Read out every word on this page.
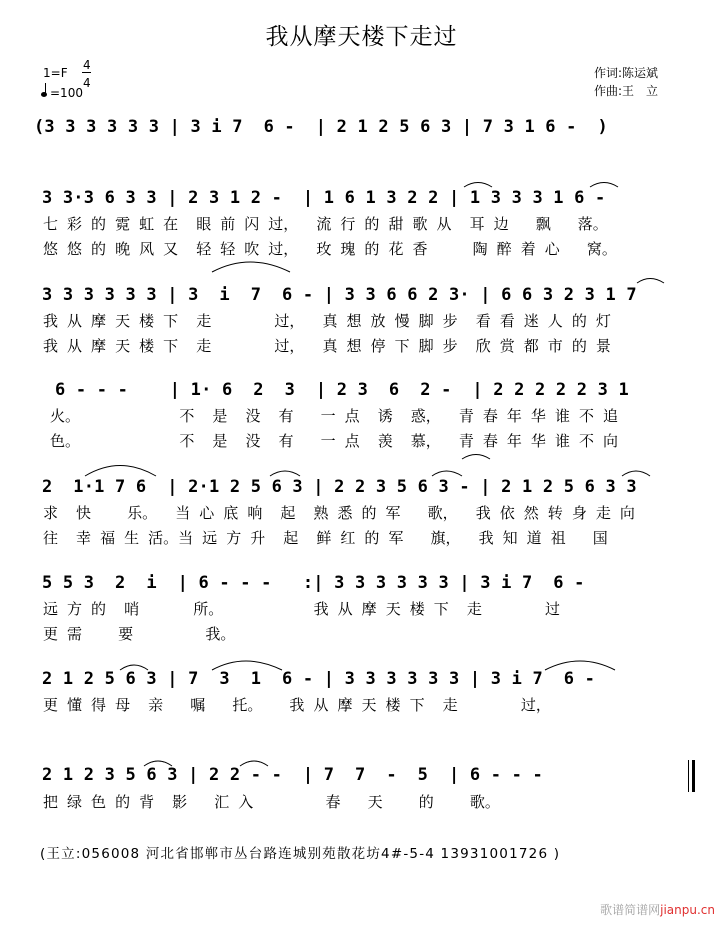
我从摩天楼下走过
1=F
4
4
=100
作词:陈运斌
作曲:王　立
(3 3 3 3 3 3 | 3 i 7  6 -  | 2 1 2 5 6 3 | 7 3 1 6 -  )
3 3·3 6 3 3 | 2 3 1 2 -  | 1 6 1 3 2 2 | 1 3 3 3 1 6 -
七 彩 的 霓 虹 在  眼 前 闪 过，  流 行 的 甜 歌 从  耳 边   飘   落。
悠 悠 的 晚 风 又  轻 轻 吹 过，  玫 瑰 的 花 香     陶 醉 着 心   窝。
3 3 3 3 3 3 | 3  i  7  6 - | 3 3 6 6 2 3· | 6 6 3 2 3 1 7
我 从 摩 天 楼 下  走       过，  真 想 放 慢 脚 步  看 看 迷 人 的 灯
我 从 摩 天 楼 下  走       过，  真 想 停 下 脚 步  欣 赏 都 市 的 景
6 - - -    | 1· 6  2  3  | 2 3  6  2 -  | 2 2 2 2 2 3 1
火。           不  是  没  有   一 点  诱  惑，  青 春 年 华 谁 不 追
色。           不  是  没  有   一 点  羡  慕，  青 春 年 华 谁 不 向
2  1·1 7 6  | 2·1 2 5 6 3 | 2 2 3 5 6 3 - | 2 1 2 5 6 3 3
求  快    乐。  当 心 底 响  起  熟 悉 的 军   歌，  我 依 然 转 身 走 向
往  幸 福 生 活。当 远 方 升  起  鲜 红 的 军   旗，  我 知 道 祖   国
5 5 3  2  i  | 6 - - -   :| 3 3 3 3 3 3 | 3 i 7  6 -
远 方 的  哨      所。          我 从 摩 天 楼 下  走       过
更 需    要        我。
2 1 2 5 6 3 | 7  3  1  6 - | 3 3 3 3 3 3 | 3 i 7  6 -
更 懂 得 母  亲   嘱   托。   我 从 摩 天 楼 下  走       过，
2 1 2 3 5 6 3 | 2 2 - -  | 7  7  -  5  | 6 - - -
把 绿 色 的 背  影   汇 入        春   天    的    歌。
(王立:056008 河北省邯郸市丛台路连城别苑散花坊4#-5-4 13931001726 )
歌谱简谱网jianpu.cn
